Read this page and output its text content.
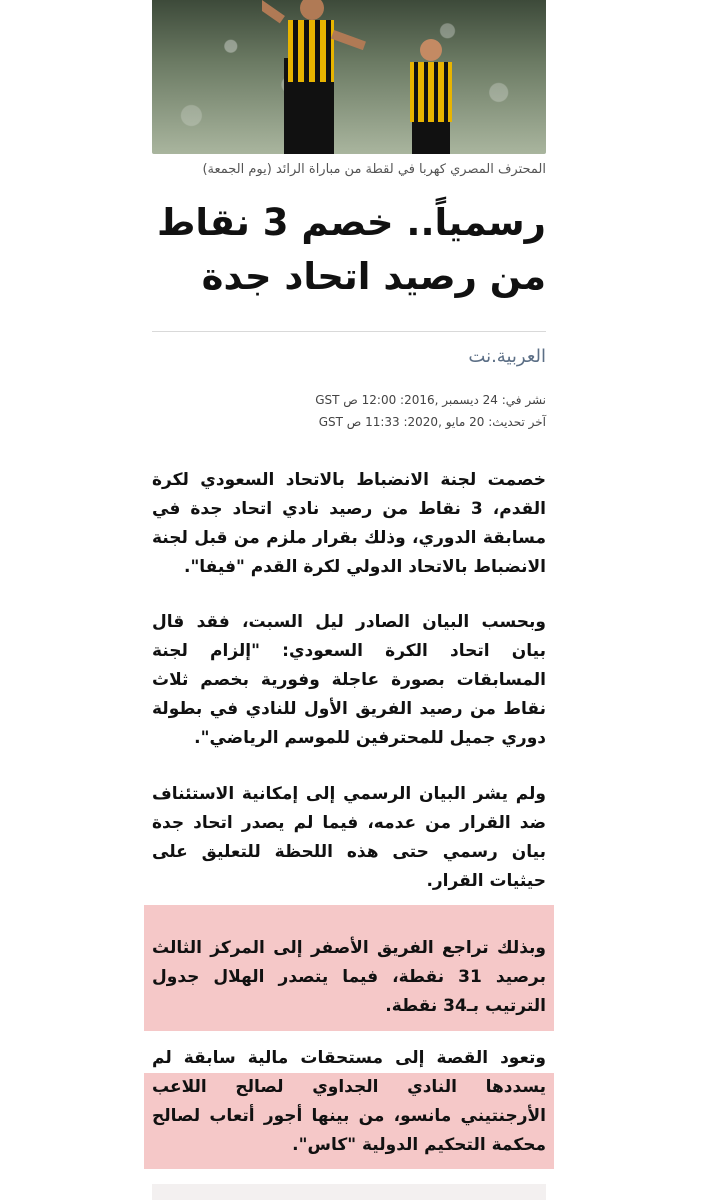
المحترف المصري كهربا في لقطة من مباراة الرائد (يوم الجمعة)
رسمياً.. خصم 3 نقاط من رصيد اتحاد جدة
العربية.نت
نشر في: 24 ديسمبر ,2016: 12:00 ص GST
آخر تحديث: 20 مايو ,2020: 11:33 ص GST
خصمت لجنة الانضباط بالاتحاد السعودي لكرة القدم، 3 نقاط من رصيد نادي اتحاد جدة في مسابقة الدوري، وذلك بقرار ملزم من قبل لجنة الانضباط بالاتحاد الدولي لكرة القدم "فيفا".
وبحسب البيان الصادر ليل السبت، فقد قال بيان اتحاد الكرة السعودي: "إلزام لجنة المسابقات بصورة عاجلة وفورية بخصم ثلاث نقاط من رصيد الفريق الأول للنادي في بطولة دوري جميل للمحترفين للموسم الرياضي".
ولم يشر البيان الرسمي إلى إمكانية الاستئناف ضد القرار من عدمه، فيما لم يصدر اتحاد جدة بيان رسمي حتى هذه اللحظة للتعليق على حيثيات القرار.
وبذلك تراجع الفريق الأصفر إلى المركز الثالث برصيد 31 نقطة، فيما يتصدر الهلال جدول الترتيب بـ34 نقطة.
وتعود القصة إلى مستحقات مالية سابقة لم يسددها النادي الجداوي لصالح اللاعب الأرجنتيني مانسو، من بينها أجور أتعاب لصالح محكمة التحكيم الدولية "كاس".
